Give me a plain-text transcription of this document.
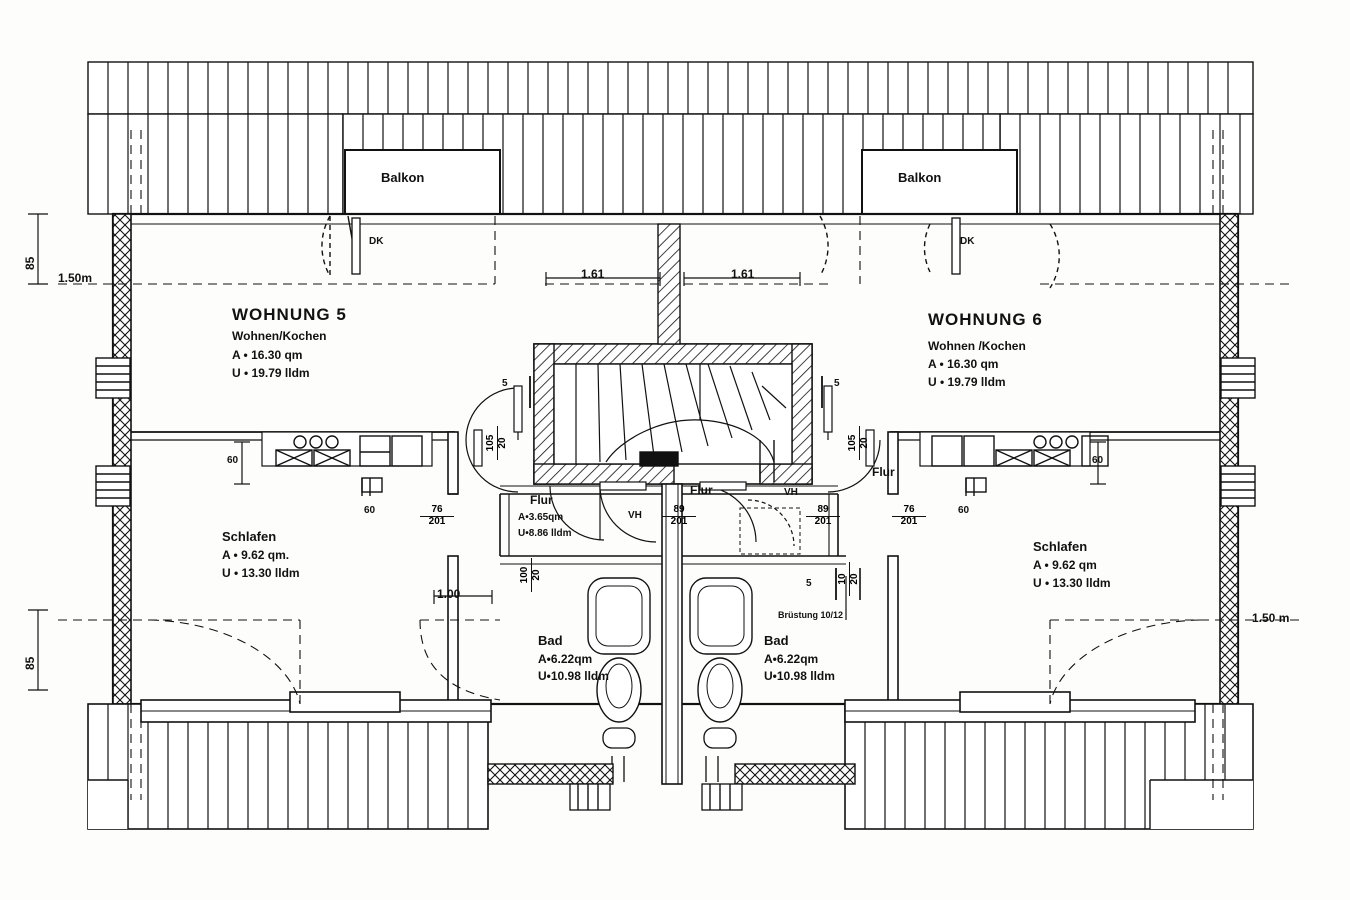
Balkon	Balkon
DK	DK
WOHNUNG 5
Wohnen/Kochen
A • 16.30 qm
U • 19.79 lldm
Schlafen
A • 9.62 qm.
U • 13.30 lldm
Flur
A•3.65qm
U•8.86 lldm
Bad
A•6.22qm
U•10.98 lldm
WOHNUNG 6
Wohnen /Kochen
A • 16.30 qm
U • 19.79 lldm
Schlafen
A • 9.62 qm
U • 13.30 lldm
Flur
Bad
A•6.22qm
U•10.98 lldm
Flur
85
1.50m
85
1.50 m
1.61	1.61
60	60
1.00
VH
VH
Brüstung 10/12
5	5
5
60	60
76
201
89
201
89
201
76
201
105 20
100 20
105 20
10 20
